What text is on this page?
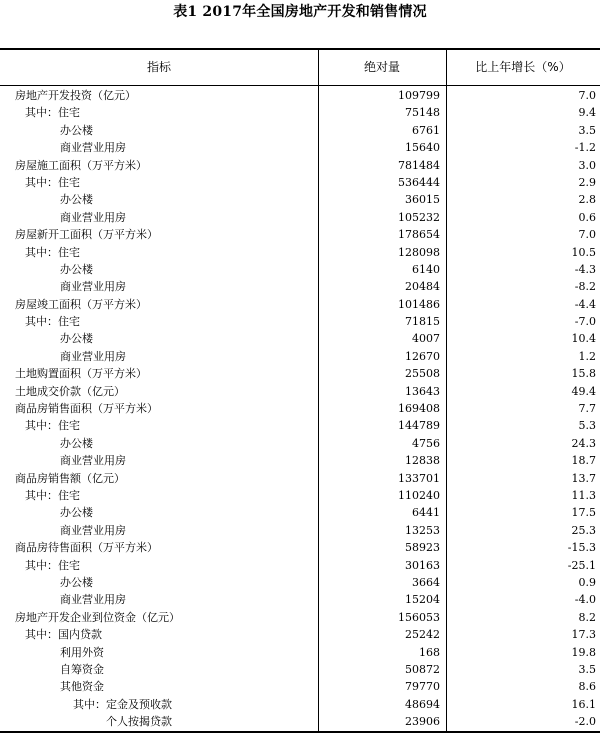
表1 2017年全国房地产开发和销售情况
指标	绝对量	比上年增长（%）
房地产开发投资（亿元）	109799	7.0
其中：住宅	75148	9.4
办公楼	6761	3.5
商业营业用房	15640	-1.2
房屋施工面积（万平方米）	781484	3.0
其中：住宅	536444	2.9
办公楼	36015	2.8
商业营业用房	105232	0.6
房屋新开工面积（万平方米）	178654	7.0
其中：住宅	128098	10.5
办公楼	6140	-4.3
商业营业用房	20484	-8.2
房屋竣工面积（万平方米）	101486	-4.4
其中：住宅	71815	-7.0
办公楼	4007	10.4
商业营业用房	12670	1.2
土地购置面积（万平方米）	25508	15.8
土地成交价款（亿元）	13643	49.4
商品房销售面积（万平方米）	169408	7.7
其中：住宅	144789	5.3
办公楼	4756	24.3
商业营业用房	12838	18.7
商品房销售额（亿元）	133701	13.7
其中：住宅	110240	11.3
办公楼	6441	17.5
商业营业用房	13253	25.3
商品房待售面积（万平方米）	58923	-15.3
其中：住宅	30163	-25.1
办公楼	3664	0.9
商业营业用房	15204	-4.0
房地产开发企业到位资金（亿元）	156053	8.2
其中：国内贷款	25242	17.3
利用外资	168	19.8
自筹资金	50872	3.5
其他资金	79770	8.6
其中：定金及预收款	48694	16.1
个人按揭贷款	23906	-2.0
